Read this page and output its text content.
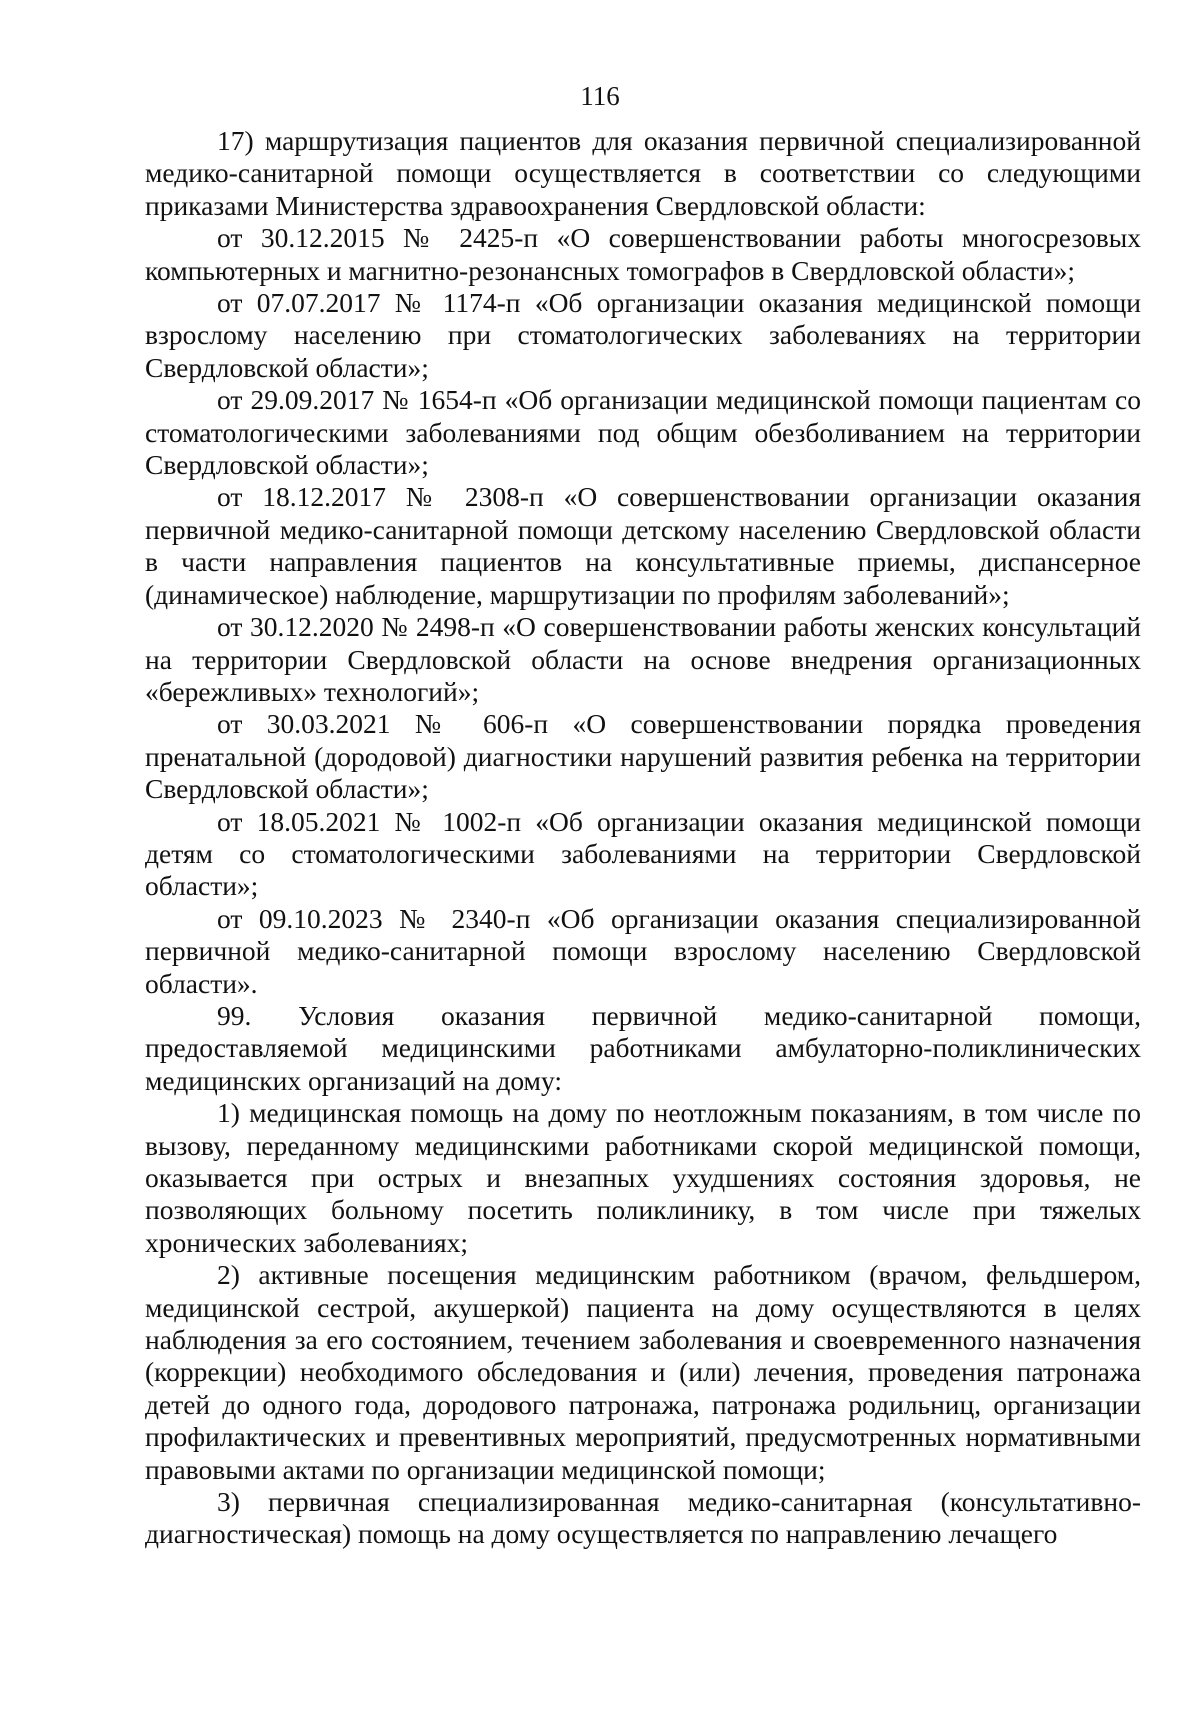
116

17) маршрутизация пациентов для оказания первичной специализированной медико-санитарной помощи осуществляется в соответствии со следующими приказами Министерства здравоохранения Свердловской области:

от 30.12.2015 № 2425-п «О совершенствовании работы многосрезовых компьютерных и магнитно-резонансных томографов в Свердловской области»;

от 07.07.2017 № 1174-п «Об организации оказания медицинской помощи взрослому населению при стоматологических заболеваниях на территории Свердловской области»;

от 29.09.2017 № 1654-п «Об организации медицинской помощи пациентам со стоматологическими заболеваниями под общим обезболиванием на территории Свердловской области»;

от 18.12.2017 № 2308-п «О совершенствовании организации оказания первичной медико-санитарной помощи детскому населению Свердловской области в части направления пациентов на консультативные приемы, диспансерное (динамическое) наблюдение, маршрутизации по профилям заболеваний»;

от 30.12.2020 № 2498-п «О совершенствовании работы женских консультаций на территории Свердловской области на основе внедрения организационных «бережливых» технологий»;

от 30.03.2021 № 606-п «О совершенствовании порядка проведения пренатальной (дородовой) диагностики нарушений развития ребенка на территории Свердловской области»;

от 18.05.2021 № 1002-п «Об организации оказания медицинской помощи детям со стоматологическими заболеваниями на территории Свердловской области»;

от 09.10.2023 № 2340-п «Об организации оказания специализированной первичной медико-санитарной помощи взрослому населению Свердловской области».

99. Условия оказания первичной медико-санитарной помощи, предоставляемой медицинскими работниками амбулаторно-поликлинических медицинских организаций на дому:

1) медицинская помощь на дому по неотложным показаниям, в том числе по вызову, переданному медицинскими работниками скорой медицинской помощи, оказывается при острых и внезапных ухудшениях состояния здоровья, не позволяющих больному посетить поликлинику, в том числе при тяжелых хронических заболеваниях;

2) активные посещения медицинским работником (врачом, фельдшером, медицинской сестрой, акушеркой) пациента на дому осуществляются в целях наблюдения за его состоянием, течением заболевания и своевременного назначения (коррекции) необходимого обследования и (или) лечения, проведения патронажа детей до одного года, дородового патронажа, патронажа родильниц, организации профилактических и превентивных мероприятий, предусмотренных нормативными правовыми актами по организации медицинской помощи;

3) первичная специализированная медико-санитарная (консультативно-диагностическая) помощь на дому осуществляется по направлению лечащего
